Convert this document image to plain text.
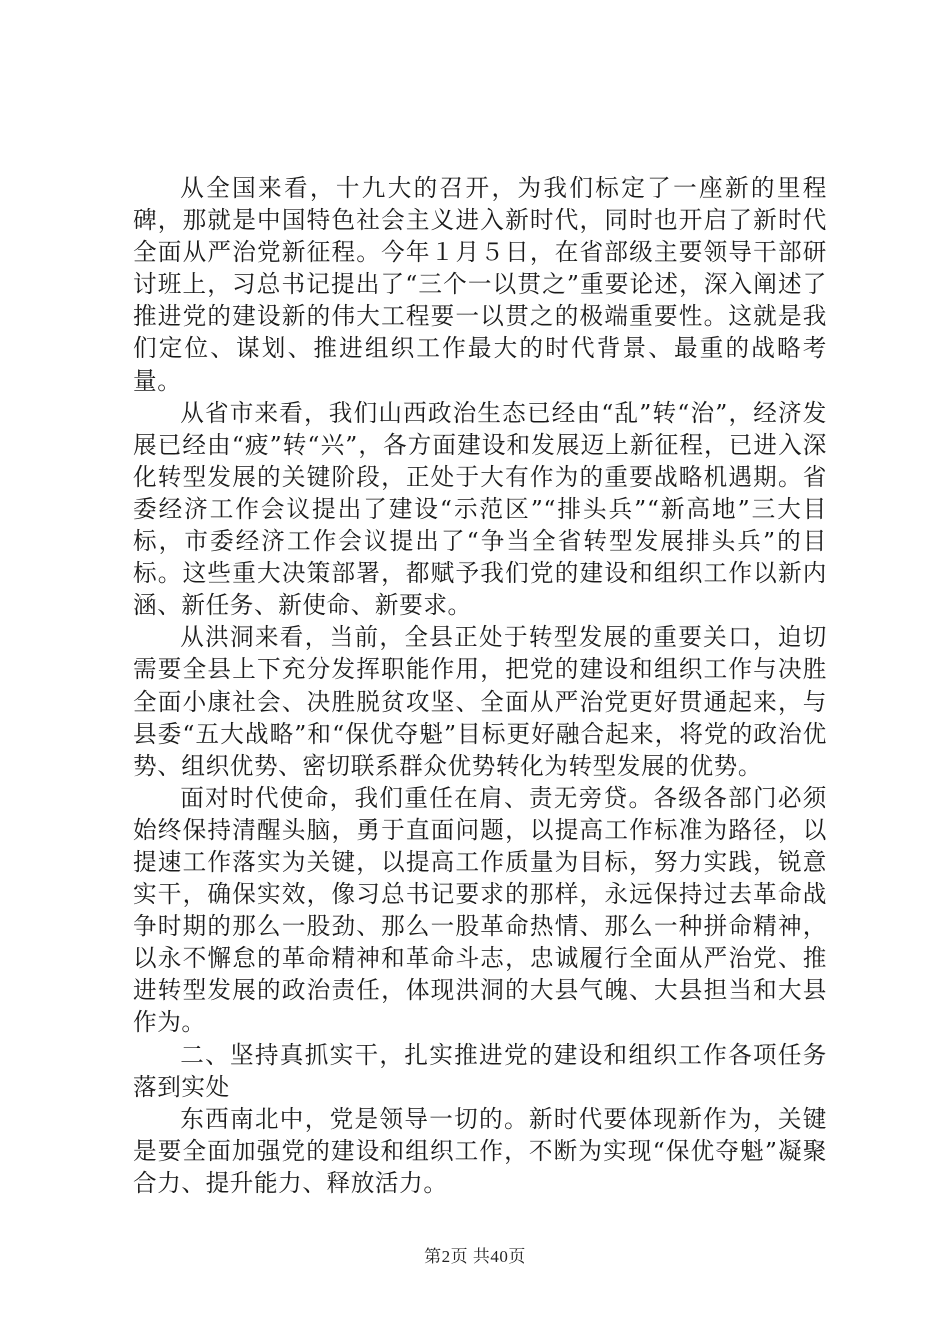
从全国来看，十九大的召开，为我们标定了一座新的里程碑，那就是中国特色社会主义进入新时代，同时也开启了新时代全面从严治党新征程。今年１月５日，在省部级主要领导干部研讨班上，习总书记提出了“三个一以贯之”重要论述，深入阐述了推进党的建设新的伟大工程要一以贯之的极端重要性。这就是我们定位、谋划、推进组织工作最大的时代背景、最重的战略考量。

从省市来看，我们山西政治生态已经由“乱”转“治”，经济发展已经由“疲”转“兴”，各方面建设和发展迈上新征程，已进入深化转型发展的关键阶段，正处于大有作为的重要战略机遇期。省委经济工作会议提出了建设“示范区”“排头兵”“新高地”三大目标，市委经济工作会议提出了“争当全省转型发展排头兵”的目标。这些重大决策部署，都赋予我们党的建设和组织工作以新内涵、新任务、新使命、新要求。

从洪洞来看，当前，全县正处于转型发展的重要关口，迫切需要全县上下充分发挥职能作用，把党的建设和组织工作与决胜全面小康社会、决胜脱贫攻坚、全面从严治党更好贯通起来，与县委“五大战略”和“保优夺魁”目标更好融合起来，将党的政治优势、组织优势、密切联系群众优势转化为转型发展的优势。

面对时代使命，我们重任在肩、责无旁贷。各级各部门必须始终保持清醒头脑，勇于直面问题，以提高工作标准为路径，以提速工作落实为关键，以提高工作质量为目标，努力实践，锐意实干，确保实效，像习总书记要求的那样，永远保持过去革命战争时期的那么一股劲、那么一股革命热情、那么一种拼命精神，以永不懈怠的革命精神和革命斗志，忠诚履行全面从严治党、推进转型发展的政治责任，体现洪洞的大县气魄、大县担当和大县作为。

二、坚持真抓实干，扎实推进党的建设和组织工作各项任务落到实处

东西南北中，党是领导一切的。新时代要体现新作为，关键是要全面加强党的建设和组织工作，不断为实现“保优夺魁”凝聚合力、提升能力、释放活力。

第2页 共40页
